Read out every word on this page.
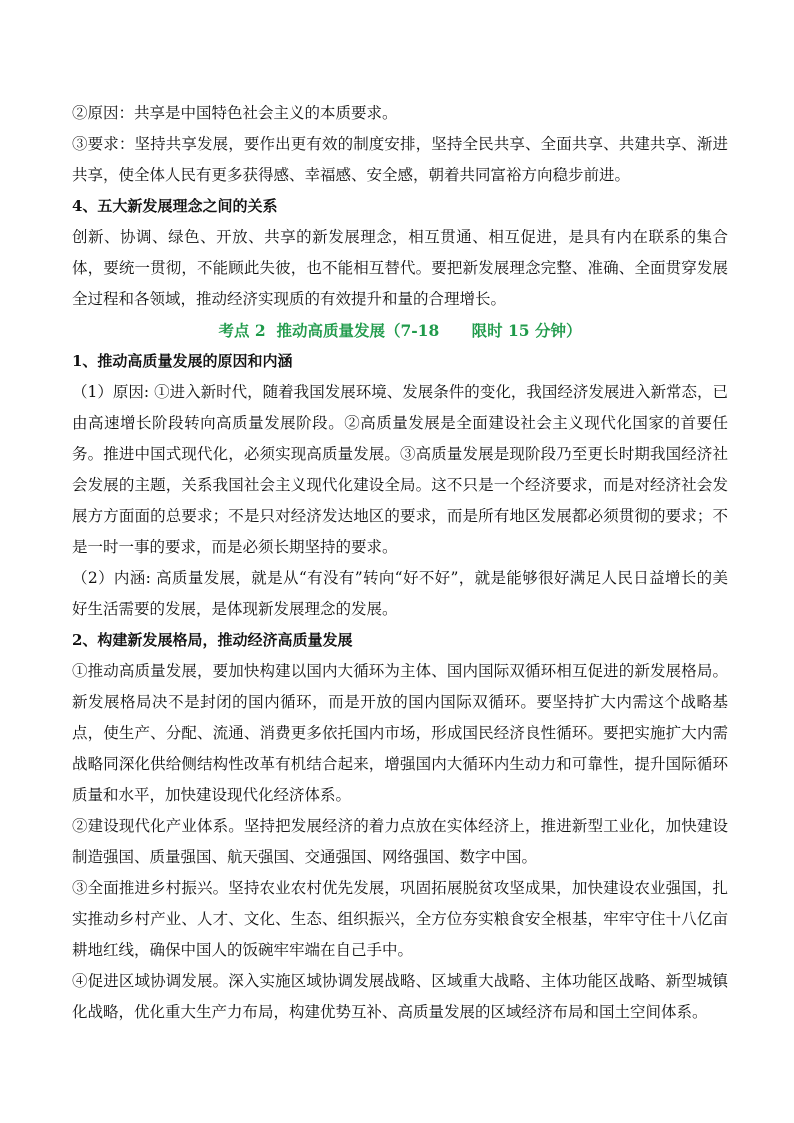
②原因：共享是中国特色社会主义的本质要求。

③要求：坚持共享发展，要作出更有效的制度安排，坚持全民共享、全面共享、共建共享、渐进共享，使全体人民有更多获得感、幸福感、安全感，朝着共同富裕方向稳步前进。

4、五大新发展理念之间的关系

创新、协调、绿色、开放、共享的新发展理念，相互贯通、相互促进，是具有内在联系的集合体，要统一贯彻，不能顾此失彼，也不能相互替代。要把新发展理念完整、准确、全面贯穿发展全过程和各领域，推动经济实现质的有效提升和量的合理增长。

考点 2  推动高质量发展（7-18      限时 15 分钟）

1、推动高质量发展的原因和内涵

（1）原因: ①进入新时代，随着我国发展环境、发展条件的变化，我国经济发展进入新常态，已由高速增长阶段转向高质量发展阶段。②高质量发展是全面建设社会主义现代化国家的首要任务。推进中国式现代化，必须实现高质量发展。③高质量发展是现阶段乃至更长时期我国经济社会发展的主题，关系我国社会主义现代化建设全局。这不只是一个经济要求，而是对经济社会发展方方面面的总要求；不是只对经济发达地区的要求，而是所有地区发展都必须贯彻的要求；不是一时一事的要求，而是必须长期坚持的要求。

（2）内涵: 高质量发展，就是从“有没有”转向“好不好”，就是能够很好满足人民日益增长的美好生活需要的发展，是体现新发展理念的发展。

2、构建新发展格局，推动经济高质量发展

①推动高质量发展，要加快构建以国内大循环为主体、国内国际双循环相互促进的新发展格局。新发展格局决不是封闭的国内循环，而是开放的国内国际双循环。要坚持扩大内需这个战略基点，使生产、分配、流通、消费更多依托国内市场，形成国民经济良性循环。要把实施扩大内需战略同深化供给侧结构性改革有机结合起来，增强国内大循环内生动力和可靠性，提升国际循环质量和水平，加快建设现代化经济体系。

②建设现代化产业体系。坚持把发展经济的着力点放在实体经济上，推进新型工业化，加快建设制造强国、质量强国、航天强国、交通强国、网络强国、数字中国。

③全面推进乡村振兴。坚持农业农村优先发展，巩固拓展脱贫攻坚成果，加快建设农业强国，扎实推动乡村产业、人才、文化、生态、组织振兴，全方位夯实粮食安全根基，牢牢守住十八亿亩耕地红线，确保中国人的饭碗牢牢端在自己手中。

④促进区域协调发展。深入实施区域协调发展战略、区域重大战略、主体功能区战略、新型城镇化战略，优化重大生产力布局，构建优势互补、高质量发展的区域经济布局和国土空间体系。
